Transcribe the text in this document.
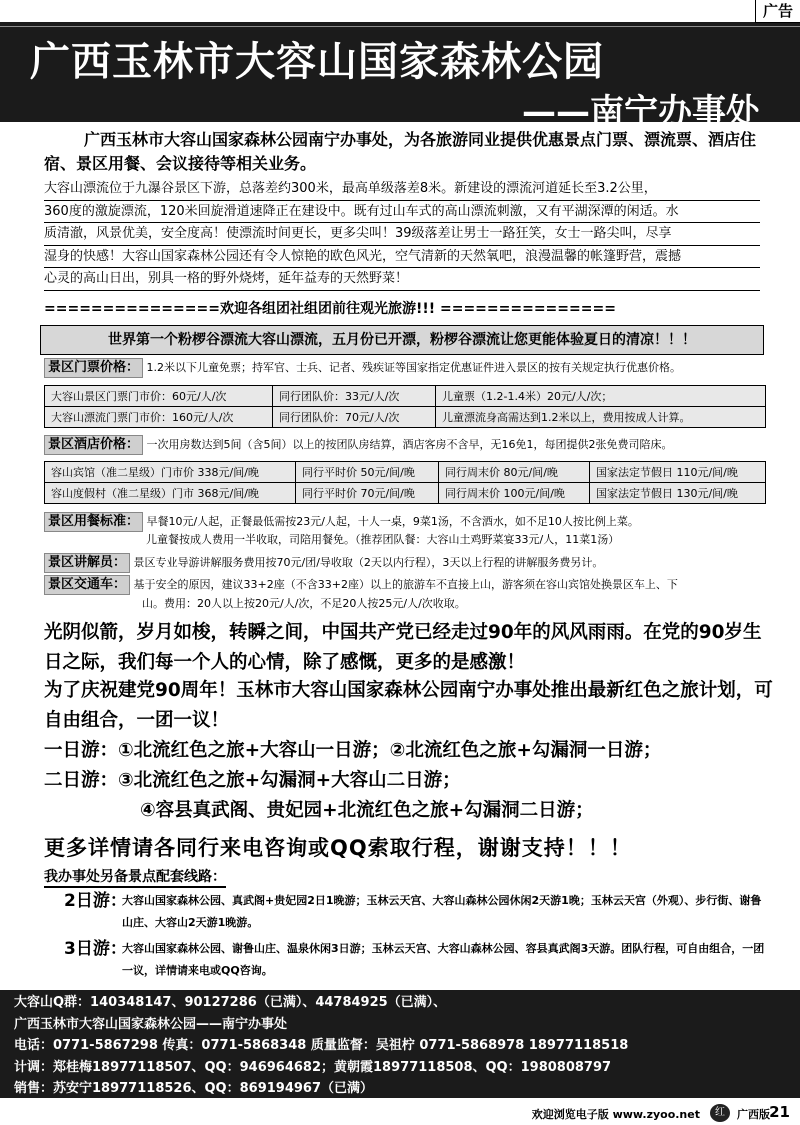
广告
广西玉林市大容山国家森林公园
——南宁办事处
广西玉林市大容山国家森林公园南宁办事处，为各旅游同业提供优惠景点门票、漂流票、酒店住宿、景区用餐、会议接待等相关业务。
大容山漂流位于九瀑谷景区下游，总落差约300米，最高单级落差8米。新建设的漂流河道延长至3.2公里，
360度的激旋漂流，120米回旋滑道速降正在建设中。既有过山车式的高山漂流刺激，又有平湖深潭的闲适。水
质清澈，风景优美，安全度高！使漂流时间更长，更多尖叫！39级落差让男士一路狂笑，女士一路尖叫，尽享
湿身的快感！大容山国家森林公园还有令人惊艳的欧色风光，空气清新的天然氧吧，浪漫温馨的帐篷野营，震撼
心灵的高山日出，别具一格的野外烧烤，延年益寿的天然野菜！
===============欢迎各组团社组团前往观光旅游!!! ===============
世界第一个粉椤谷漂流大容山漂流，五月份已开漂，粉椤谷漂流让您更能体验夏日的清凉！！！
景区门票价格： 1.2米以下儿童免票；持军官、士兵、记者、残疾证等国家指定优惠证件进入景区的按有关规定执行优惠价格。
大容山景区门票门市价：60元/人/次	同行团队价：33元/人/次	儿童票（1.2-1.4米）20元/人/次；
大容山漂流门票门市价：160元/人/次	同行团队价：70元/人/次	儿童漂流身高需达到1.2米以上，费用按成人计算。
景区酒店价格： 一次用房数达到5间（含5间）以上的按团队房结算，酒店客房不含早，无16免1，每团提供2张免费司陪床。
容山宾馆（准二星级）门市价 338元/间/晚	同行平时价 50元/间/晚	同行周末价 80元/间/晚	国家法定节假日 110元/间/晚
容山度假村（准二星级）门市 368元/间/晚	同行平时价 70元/间/晚	同行周末价 100元/间/晚	国家法定节假日 130元/间/晚
景区用餐标准： 早餐10元/人起，正餐最低需按23元/人起，十人一桌，9菜1汤，不含酒水，如不足10人按比例上菜。
儿童餐按成人费用一半收取，司陪用餐免。（推荐团队餐：大容山土鸡野菜宴33元/人，11菜1汤）
景区讲解员： 景区专业导游讲解服务费用按70元/团/导收取（2天以内行程），3天以上行程的讲解服务费另计。
景区交通车： 基于安全的原因，建议33+2座（不含33+2座）以上的旅游车不直接上山，游客须在容山宾馆处换景区车上、下
山。费用：20人以上按20元/人/次，不足20人按25元/人/次收取。
光阴似箭，岁月如梭，转瞬之间，中国共产党已经走过90年的风风雨雨。在党的90岁生日之际，我们每一个人的心情，除了感慨，更多的是感激！
为了庆祝建党90周年！玉林市大容山国家森林公园南宁办事处推出最新红色之旅计划，可自由组合，一团一议！
一日游：①北流红色之旅+大容山一日游；②北流红色之旅+勾漏洞一日游；
二日游：③北流红色之旅+勾漏洞+大容山二日游；
④容县真武阁、贵妃园+北流红色之旅+勾漏洞二日游；
更多详情请各同行来电咨询或QQ索取行程，谢谢支持！！！
我办事处另备景点配套线路：
2日游：
大容山国家森林公园、真武阁+贵妃园2日1晚游；玉林云天宫、大容山森林公园休闲2天游1晚；玉林云天宫（外观）、步行街、谢鲁山庄、大容山2天游1晚游。
3日游：
大容山国家森林公园、谢鲁山庄、温泉休闲3日游；玉林云天宫、大容山森林公园、容县真武阁3天游。团队行程，可自由组合，一团一议，详情请来电或QQ咨询。
大容山Q群：140348147、90127286（已满）、44784925（已满）、
广西玉林市大容山国家森林公园——南宁办事处
电话：0771-5867298 传真：0771-5868348 质量监督：吴祖柠 0771-5868978 18977118518
计调：郑桂梅18977118507、QQ：946964682；黄朝霞18977118508、QQ：1980808797
销售：苏安宁18977118526、QQ：869194967（已满）
欢迎浏览电子版 www.zyoo.net	红	广西版 21
